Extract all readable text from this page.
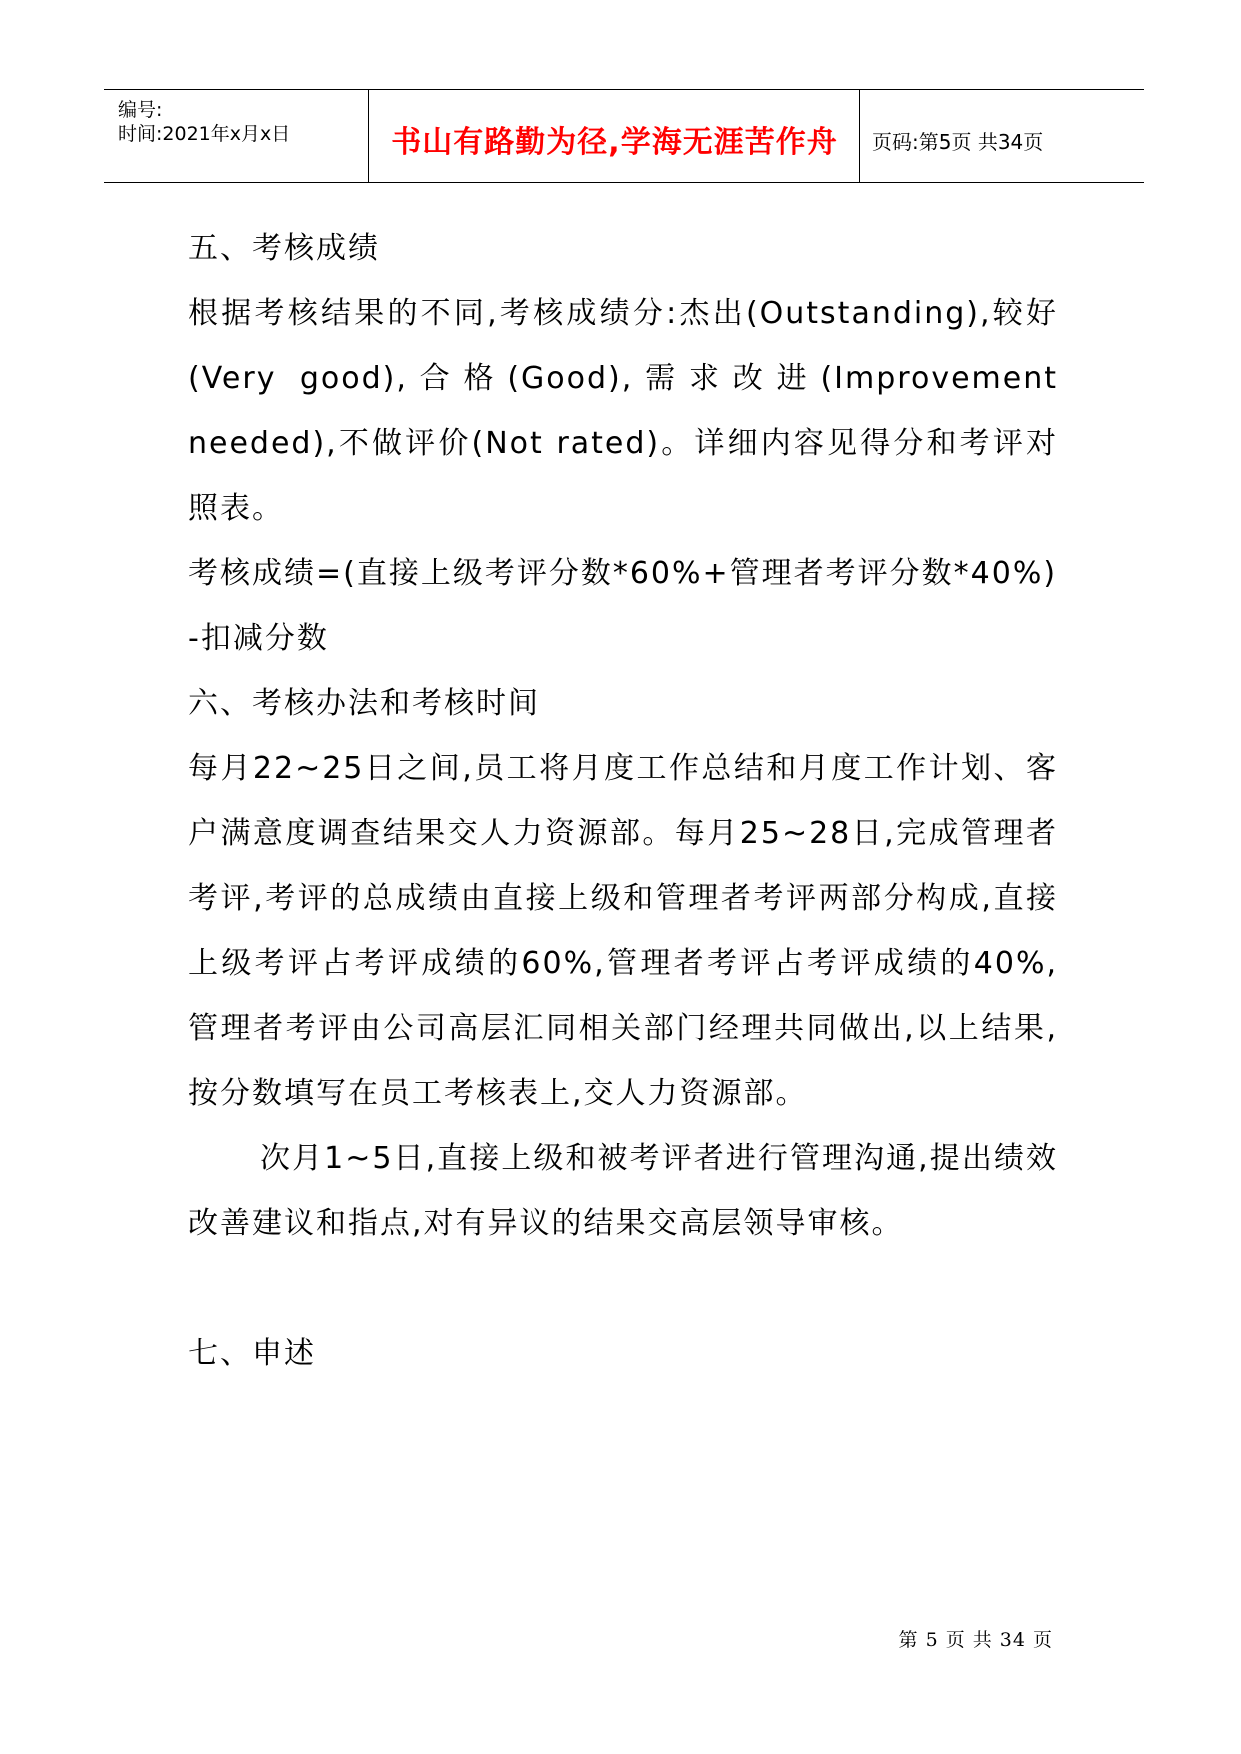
编号:
时间:2021年x月x日	书山有路勤为径,学海无涯苦作舟	页码:第5页 共34页

五、考核成绩

根据考核结果的不同,考核成绩分:杰出(Outstanding),较好(Very good),合格(Good),需求改进(Improvement needed),不做评价(Not rated)。详细内容见得分和考评对照表。

考核成绩=(直接上级考评分数*60%+管理者考评分数*40%)

-扣减分数

六、考核办法和考核时间

每月22~25日之间,员工将月度工作总结和月度工作计划、客户满意度调查结果交人力资源部。每月25~28日,完成管理者考评,考评的总成绩由直接上级和管理者考评两部分构成,直接上级考评占考评成绩的60%,管理者考评占考评成绩的40%,管理者考评由公司高层汇同相关部门经理共同做出,以上结果,按分数填写在员工考核表上,交人力资源部。

次月1~5日,直接上级和被考评者进行管理沟通,提出绩效改善建议和指点,对有异议的结果交高层领导审核。

七、申述

第 5 页 共 34 页
